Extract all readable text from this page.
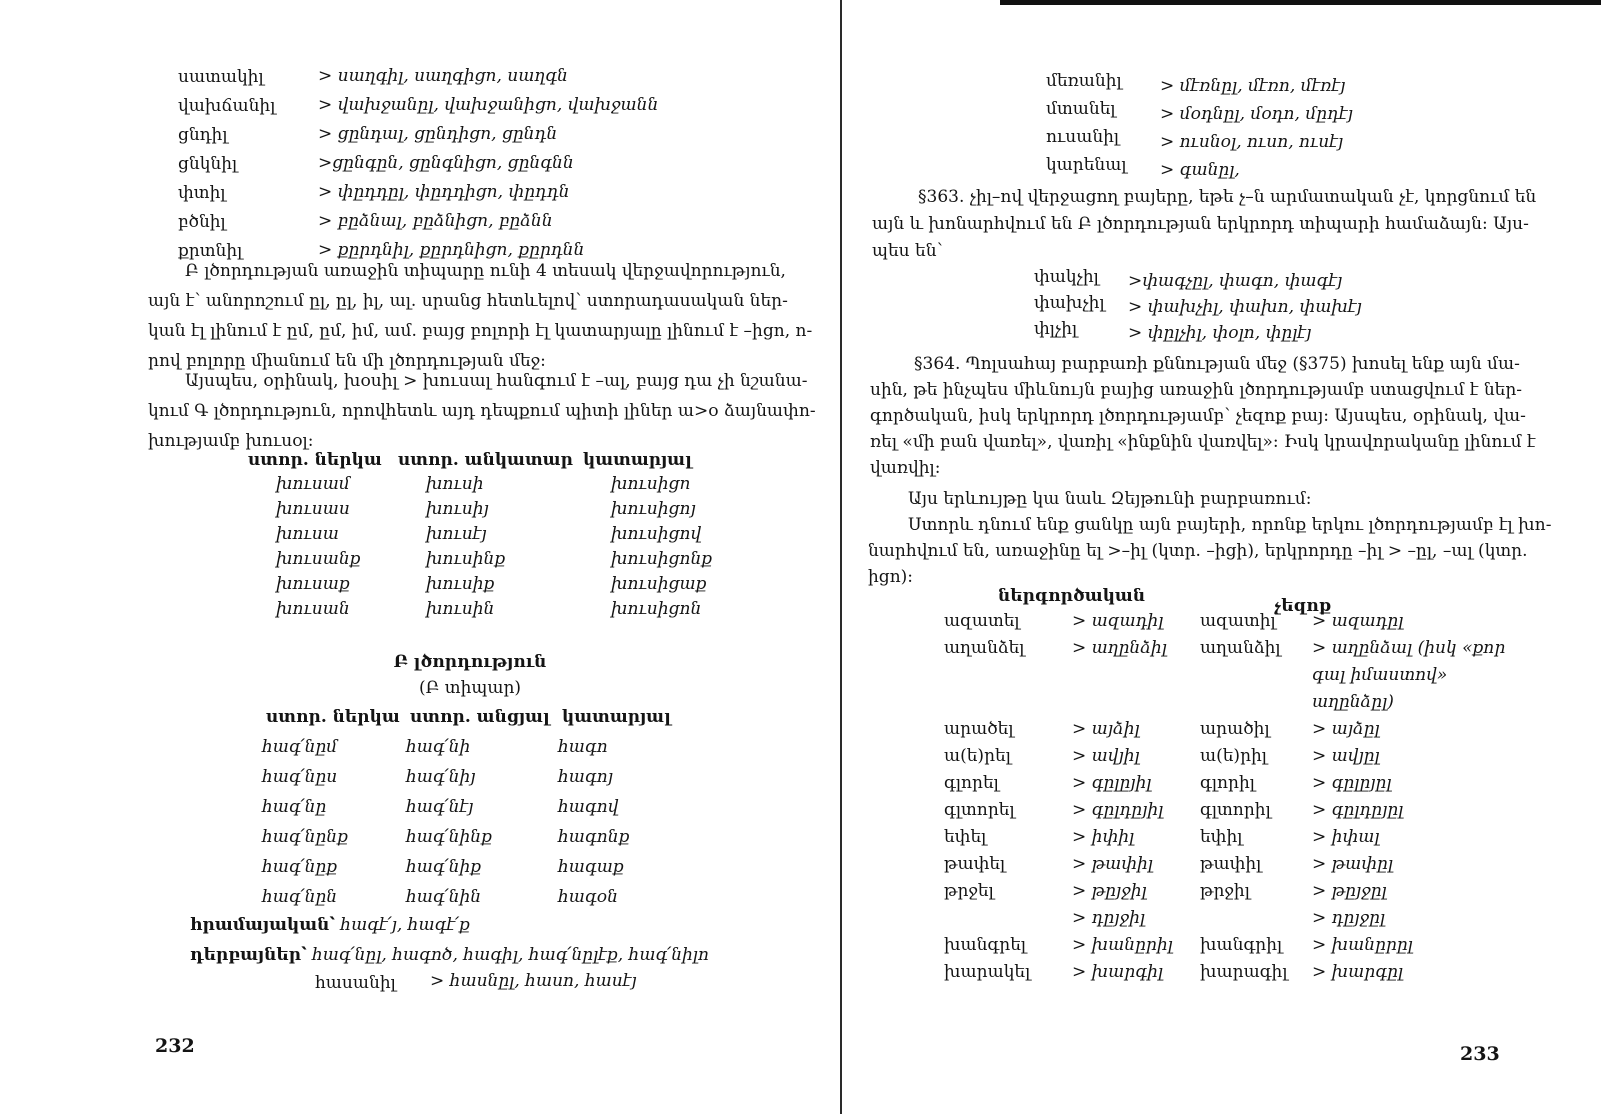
սատակիլ	> սաղգիլ, սաղգիցn, սաղգն
վախճանիլ	> վախջանըլ, վախջանիցn, վախջանն
ցնդիլ	> ցընդալ, ցընդիցn, ցընդն
ցնկնիլ	>ցընգըն, ցընգնիցn, ցընգնն
փտիլ	> փըդդըլ, փըդդիցn, փըդդն
բծնիլ	> բըձնալ, բըձնիցn, բըձնն
քրտնիլ	> քըրդնիլ, քըրդնիցn, քըրդնն
Բ լծորդության առաջին տիպարը ունի 4 տեսակ վերջավորություն,
այն է՝ անորոշում ըլ, ըլ, իլ, ալ. սրանց հետևելով՝ ստորադասական ներ-
կան էլ լինում է ըմ, ըմ, իմ, ամ. բայց բոլորի էլ կատարյալը լինում է –իցn, n-
րով բոլորը միանում են մի լծորդության մեջ:
Այսպես, օրինակ, խօսիլ > խուսալ հանգում է –ալ, բայց դա չի նշանա-
կում Գ լծորդություն, որովհետև այդ դեպքում պիտի լիներ ա>օ ձայնափո-
խությամբ խուսօլ:
ստոր. ներկա ստոր. անկատար կատարյալ
խուսամ	խուսի	խուսիցn
խուսաս	խուսիյ	խուսիցոյ
խուսա	խուսէյ	խուսիցով
խուսանք	խուսինք	խուսիցոնք
խուսաք	խուսիք	խուսիցաք
խուսան	խուսին	խուսիցոն
Բ լծորդություն
(Բ տիպար)
ստոր. ներկա ստոր. անցյալ կատարյալ
հագ՛նըմ	հագ՛նի	հագո
հագ՛նըս	հագ՛նիյ	հագոյ
հագ՛նը	հագ՛նէյ	հագով
հագ՛նընք	հագ՛նինք	հագոնք
հագ՛նըք	հագ՛նիք	հագաք
հագ՛նըն	հագ՛նին	հագօն
հրամայական՝ հագէ՛յ, հագէ՛ք
դերբայներ՝ հագ՛նըլ, հագոծ, հագիլ, հագ՛նըլէք, հագ՛նիլո
հասանիլ > հասնըլ, հասո, հասէյ
232
մեռանիլ > մէռնըլ, մէռո, մէռէյ
մտանել	> մօդնըլ, մօդո, մըդէյ
ուսանիլ > ուսնօլ, ուսո, ուսէյ
կարենալ > գանըլ,
§363. չիլ–ով վերջացող բայերը, եթե չ–ն արմատական չէ, կորցնում են
այն և խոնարհվում են Բ լծորդության երկրորդ տիպարի համաձայն: Այս-
պես են՝
փակչիլ >փագչըլ, փագո, փագէյ
փախչիլ > փախչիլ, փախո, փախէյ
փլչիլ	> փըլչիլ, փօլո, փըլէյ
§364. Պոլսահայ բարբառի քննության մեջ (§375) խոսել ենք այն մա-
սին, թե ինչպես միևնույն բայից առաջին լծորդությամբ ստացվում է ներ-
գործական, իսկ երկրորդ լծորդությամբ՝ չեզոք բայ: Այսպես, օրինակ, վա-
ռել «մի բան վառել», վառիլ «ինքնին վառվել»: Իսկ կրավորականը լինում է
վառվիլ:
Այս երևույթը կա նաև Զեյթունի բարբառում:
Ստորև դնում ենք ցանկը այն բայերի, որոնք երկու լծորդությամբ էլ խո-
նարհվում են, առաջինը ել >–իլ (կտր. –իցի), երկրորդը –իլ > –ըլ, –ալ (կտր.
իցn):
ներգործական	չեզոք
ազատել	> ազադիլ ազատիլ > ազադըլ
աղանձել	> աղընձիլ աղանձիլ > աղընձալ (իսկ «քոր
գալ իմաստով»
աղընձըլ)
արածել	> այձիլ	արածիլ > այձըլ
ա(ե)րել	> ավյիլ	ա(ե)րիլ	> ավյըլ
գլորել	> գըլըյիլ	գլորիլ	> գըլըյըլ
գլտորել	> գըլդըյիլ գլտորիլ > գըլդըյըլ
եփել	> իփիլ	եփիլ	> իփալ
թափել	> թափիլ	թափիլ	> թափըլ
թրջել	> թըյջիլ	թրջիլ	> թըյջըլ
> դըյջիլ	> դըյջըլ
խանգրել	> խանըրիլ խանգրիլ > խանըրըլ
խարակել > խարգիլ խարագիլ > խարգըլ
233
